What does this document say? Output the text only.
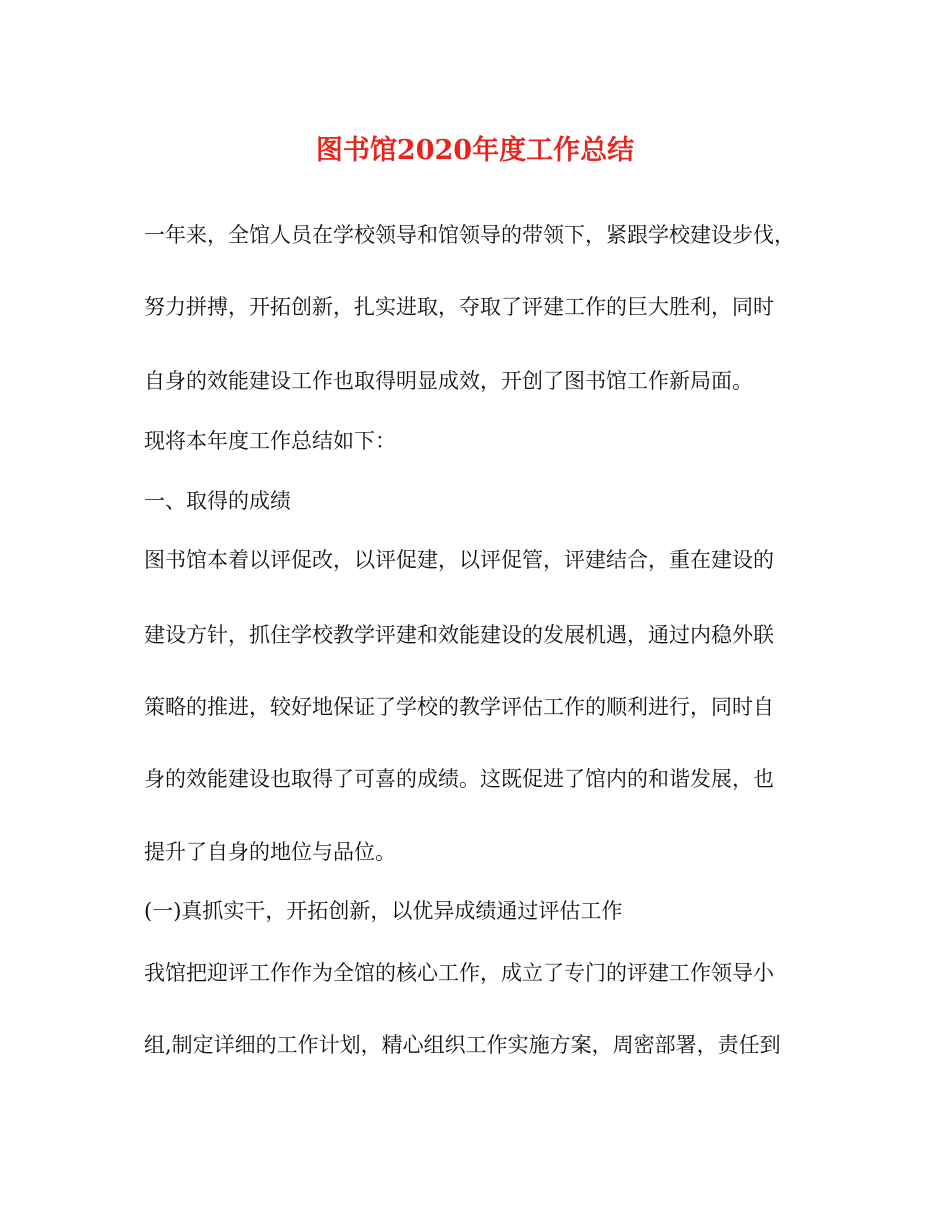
图书馆2020年度工作总结

一年来，全馆人员在学校领导和馆领导的带领下，紧跟学校建设步伐，

努力拼搏，开拓创新，扎实进取，夺取了评建工作的巨大胜利，同时

自身的效能建设工作也取得明显成效，开创了图书馆工作新局面。

现将本年度工作总结如下：

一、取得的成绩

图书馆本着以评促改，以评促建，以评促管，评建结合，重在建设的

建设方针，抓住学校教学评建和效能建设的发展机遇，通过内稳外联

策略的推进，较好地保证了学校的教学评估工作的顺利进行，同时自

身的效能建设也取得了可喜的成绩。这既促进了馆内的和谐发展，也

提升了自身的地位与品位。

(一)真抓实干，开拓创新，以优异成绩通过评估工作

我馆把迎评工作作为全馆的核心工作，成立了专门的评建工作领导小

组,制定详细的工作计划，精心组织工作实施方案，周密部署，责任到
